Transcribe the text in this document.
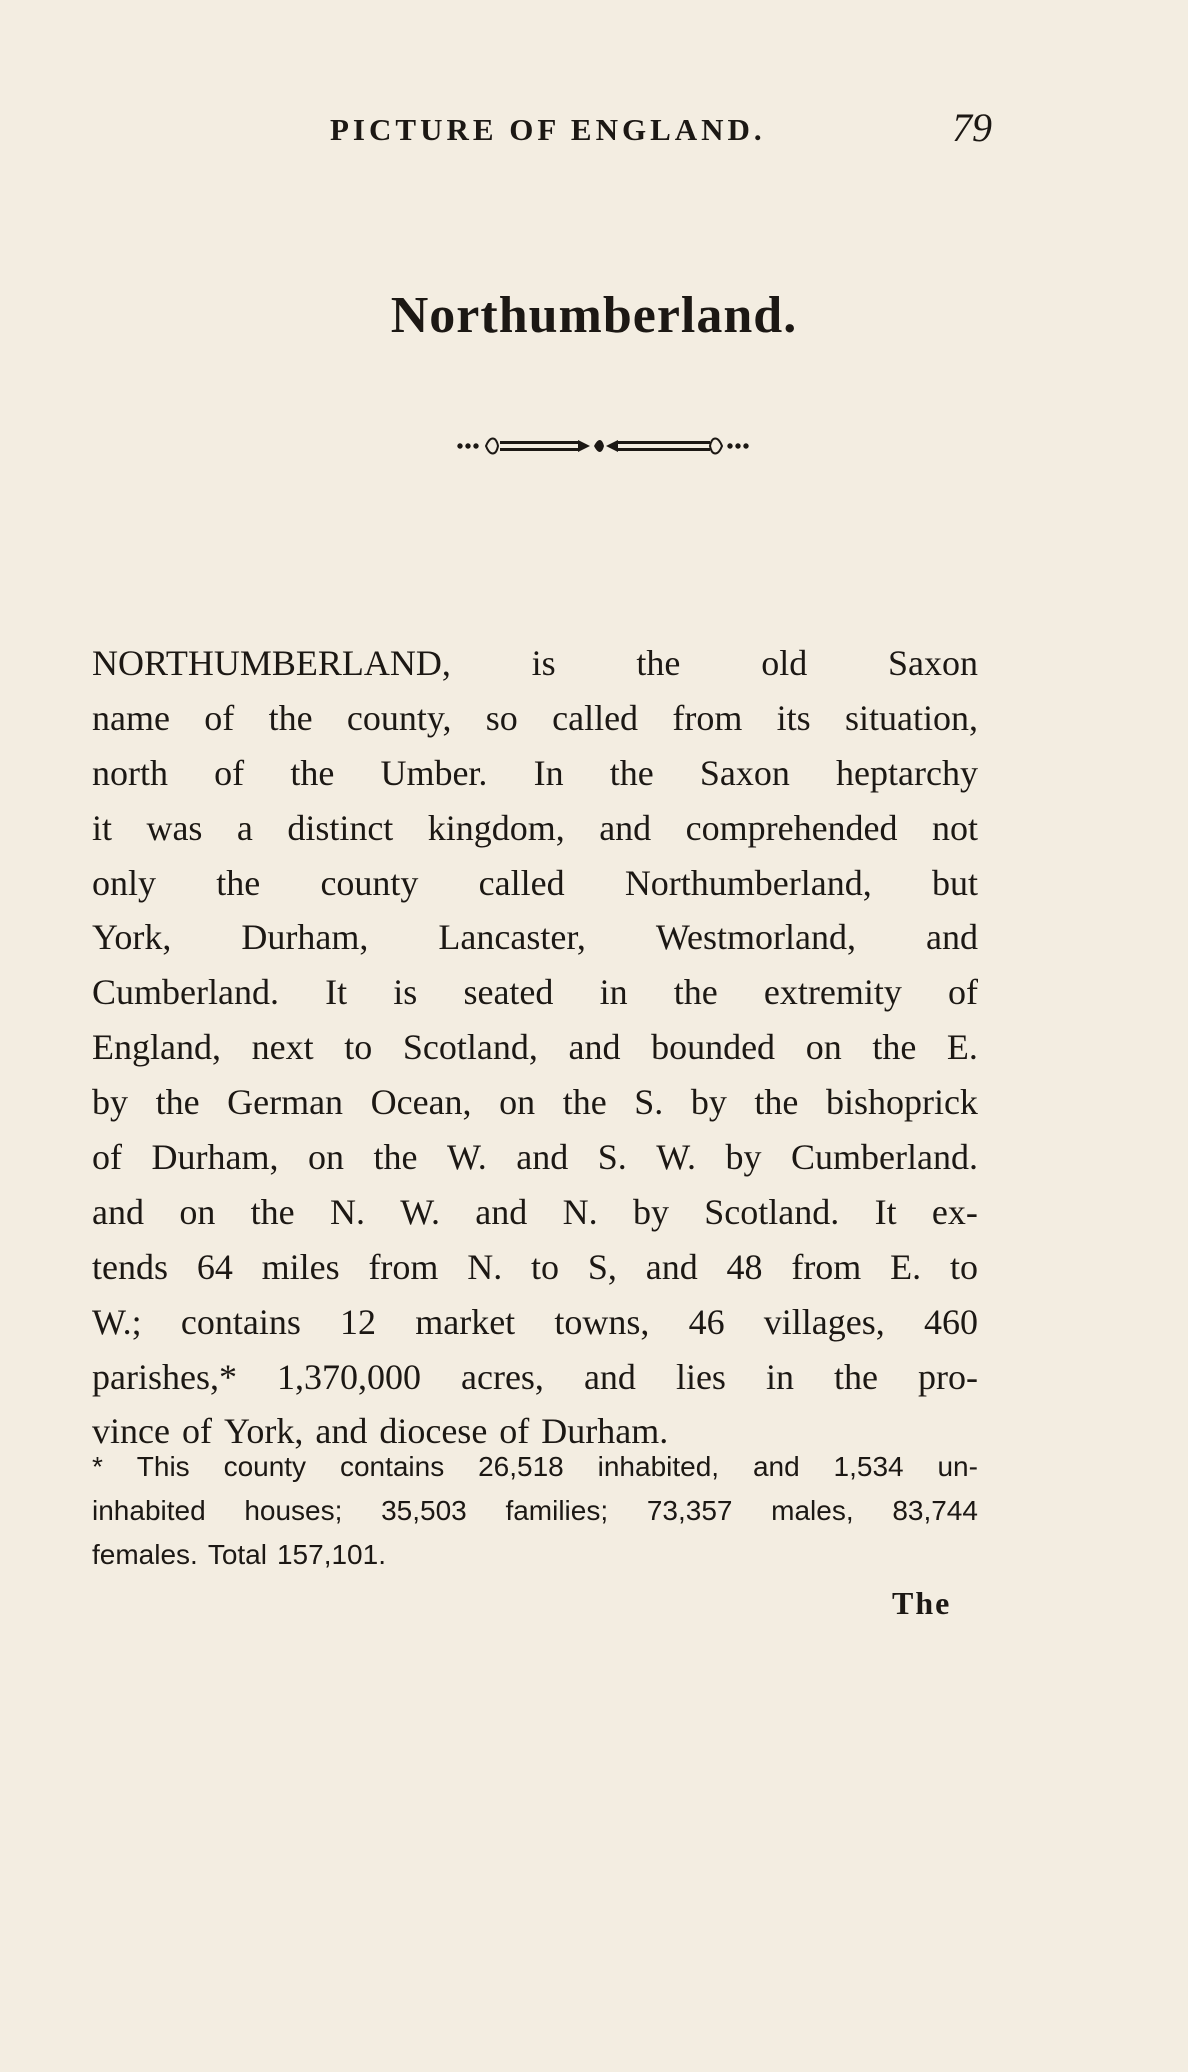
PICTURE OF ENGLAND.	79
Northumberland.
NORTHUMBERLAND, is the old Saxon
name of the county, so called from its situation,
north of the Umber. In the Saxon heptarchy
it was a distinct kingdom, and comprehended not
only the county called Northumberland, but
York, Durham, Lancaster, Westmorland, and
Cumberland. It is seated in the extremity of
England, next to Scotland, and bounded on the E.
by the German Ocean, on the S. by the bishoprick
of Durham, on the W. and S. W. by Cumberland.
and on the N. W. and N. by Scotland. It ex-
tends 64 miles from N. to S, and 48 from E. to
W.; contains 12 market towns, 46 villages, 460
parishes,* 1,370,000 acres, and lies in the pro-
vince of York, and diocese of Durham.
* This county contains 26,518 inhabited, and 1,534 un-
inhabited houses; 35,503 families; 73,357 males, 83,744
females. Total 157,101.
The
